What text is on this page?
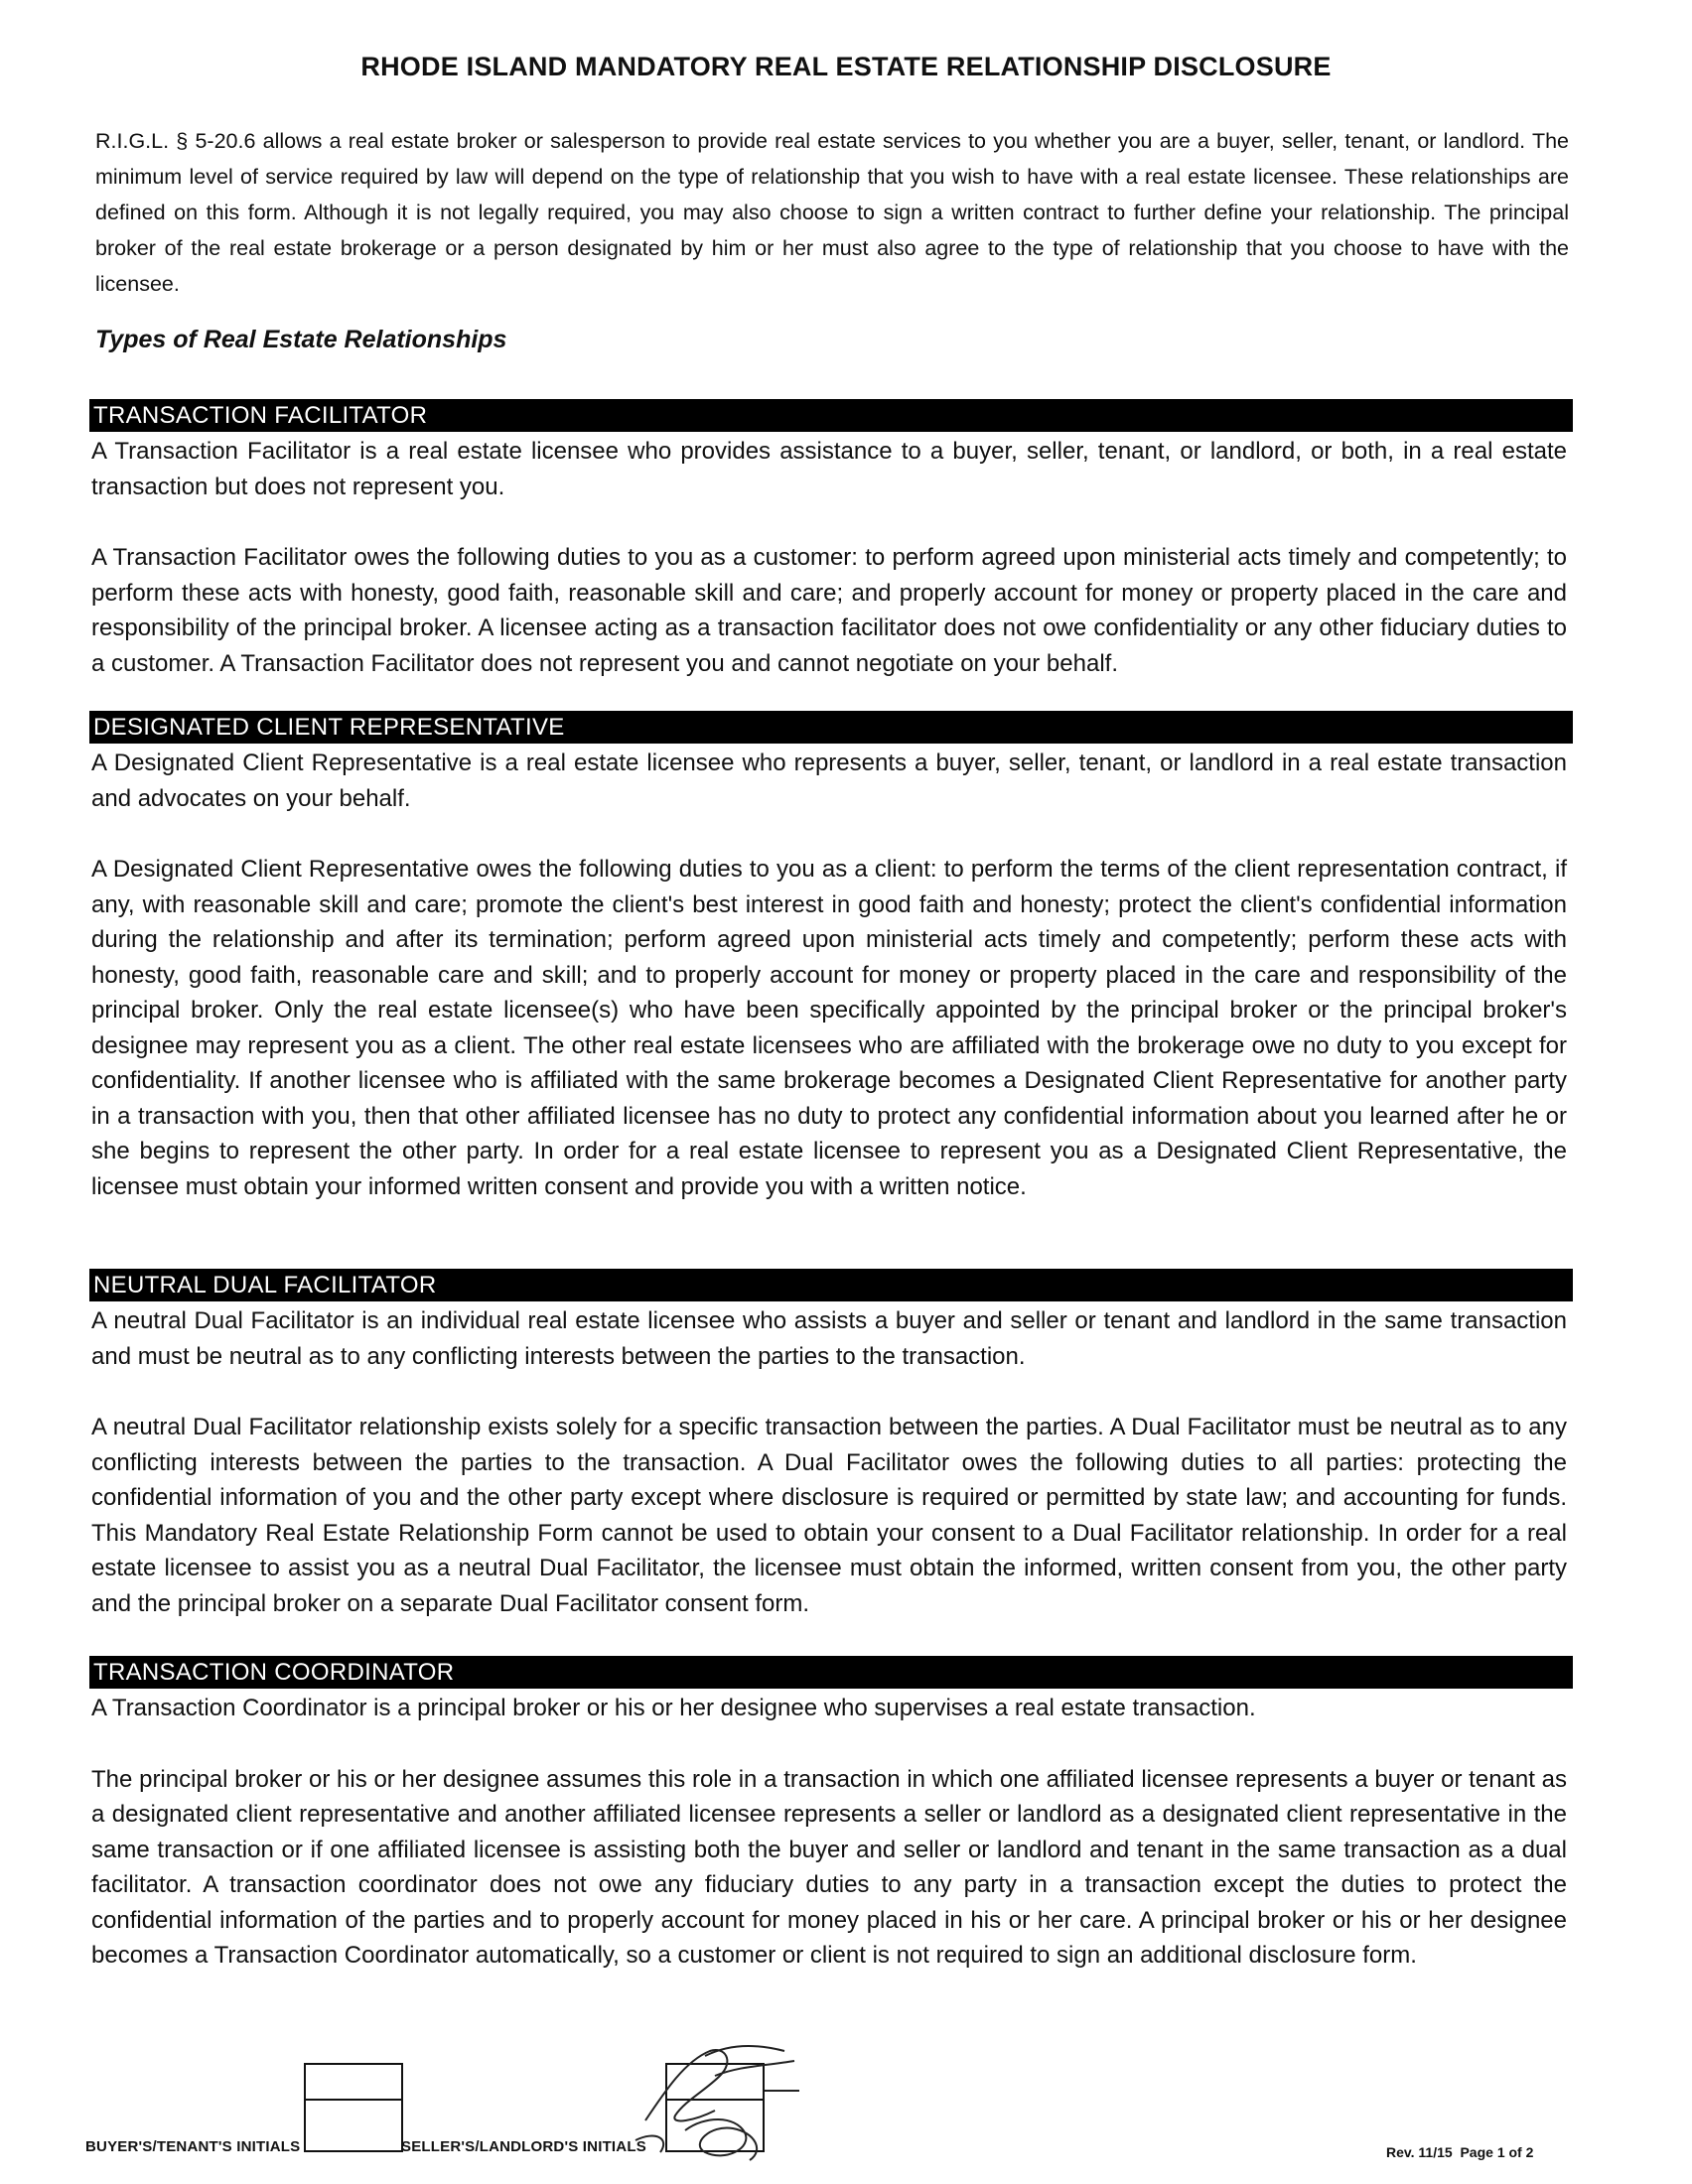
RHODE ISLAND MANDATORY REAL ESTATE RELATIONSHIP DISCLOSURE
R.I.G.L. § 5-20.6 allows a real estate broker or salesperson to provide real estate services to you whether you are a buyer, seller, tenant, or landlord. The minimum level of service required by law will depend on the type of relationship that you wish to have with a real estate licensee. These relationships are defined on this form. Although it is not legally required, you may also choose to sign a written contract to further define your relationship. The principal broker of the real estate brokerage or a person designated by him or her must also agree to the type of relationship that you choose to have with the licensee.
Types of Real Estate Relationships
TRANSACTION FACILITATOR

A Transaction Facilitator is a real estate licensee who provides assistance to a buyer, seller, tenant, or landlord, or both, in a real estate transaction but does not represent you.

A Transaction Facilitator owes the following duties to you as a customer: to perform agreed upon ministerial acts timely and competently; to perform these acts with honesty, good faith, reasonable skill and care; and properly account for money or property placed in the care and responsibility of the principal broker. A licensee acting as a transaction facilitator does not owe confidentiality or any other fiduciary duties to a customer. A Transaction Facilitator does not represent you and cannot negotiate on your behalf.

DESIGNATED CLIENT REPRESENTATIVE

A Designated Client Representative is a real estate licensee who represents a buyer, seller, tenant, or landlord in a real estate transaction and advocates on your behalf.

A Designated Client Representative owes the following duties to you as a client: to perform the terms of the client representation contract, if any, with reasonable skill and care; promote the client's best interest in good faith and honesty; protect the client's confidential information during the relationship and after its termination; perform agreed upon ministerial acts timely and competently; perform these acts with honesty, good faith, reasonable care and skill; and to properly account for money or property placed in the care and responsibility of the principal broker. Only the real estate licensee(s) who have been specifically appointed by the principal broker or the principal broker's designee may represent you as a client. The other real estate licensees who are affiliated with the brokerage owe no duty to you except for confidentiality. If another licensee who is affiliated with the same brokerage becomes a Designated Client Representative for another party in a transaction with you, then that other affiliated licensee has no duty to protect any confidential information about you learned after he or she begins to represent the other party. In order for a real estate licensee to represent you as a Designated Client Representative, the licensee must obtain your informed written consent and provide you with a written notice.

NEUTRAL DUAL FACILITATOR

A neutral Dual Facilitator is an individual real estate licensee who assists a buyer and seller or tenant and landlord in the same transaction and must be neutral as to any conflicting interests between the parties to the transaction.

A neutral Dual Facilitator relationship exists solely for a specific transaction between the parties. A Dual Facilitator must be neutral as to any conflicting interests between the parties to the transaction. A Dual Facilitator owes the following duties to all parties: protecting the confidential information of you and the other party except where disclosure is required or permitted by state law; and accounting for funds. This Mandatory Real Estate Relationship Form cannot be used to obtain your consent to a Dual Facilitator relationship. In order for a real estate licensee to assist you as a neutral Dual Facilitator, the licensee must obtain the informed, written consent from you, the other party and the principal broker on a separate Dual Facilitator consent form.

TRANSACTION COORDINATOR

A Transaction Coordinator is a principal broker or his or her designee who supervises a real estate transaction.

The principal broker or his or her designee assumes this role in a transaction in which one affiliated licensee represents a buyer or tenant as a designated client representative and another affiliated licensee represents a seller or landlord as a designated client representative in the same transaction or if one affiliated licensee is assisting both the buyer and seller or landlord and tenant in the same transaction as a dual facilitator. A transaction coordinator does not owe any fiduciary duties to any party in a transaction except the duties to protect the confidential information of the parties and to properly account for money placed in his or her care. A principal broker or his or her designee becomes a Transaction Coordinator automatically, so a customer or client is not required to sign an additional disclosure form.

BUYER'S/TENANT'S INITIALS	SELLER'S/LANDLORD'S INITIALS	Rev. 11/15 Page 1 of 2
